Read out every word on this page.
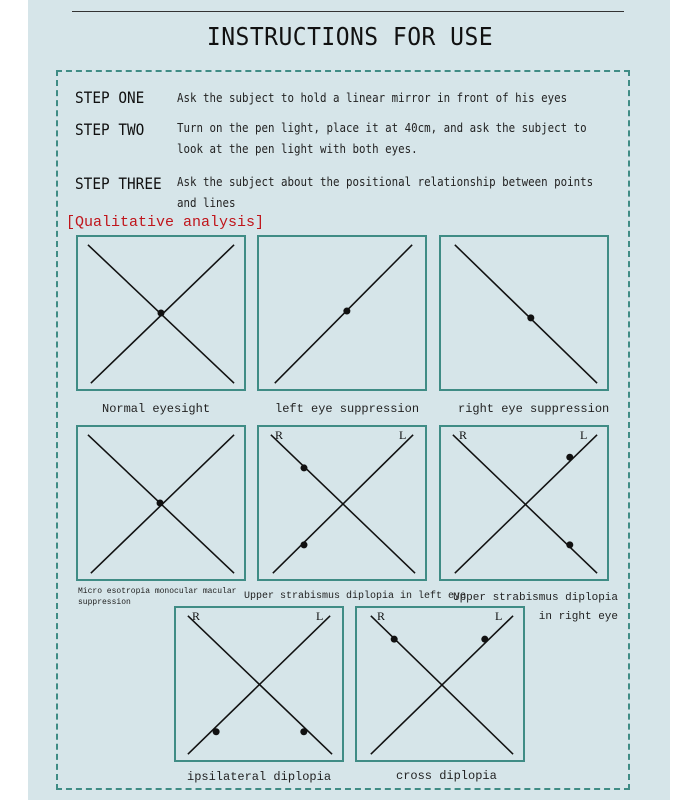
INSTRUCTIONS FOR USE
STEP ONE	Ask the subject to hold a linear mirror in front of his eyes
STEP TWO	Turn on the pen light, place it at 40cm, and ask the subject to look at the pen light with both eyes.
STEP THREE Ask the subject about the positional relationship between points and lines
[Qualitative analysis]
Normal eyesight	left eye suppression	right eye suppression
R	L	R	L
Micro esotropia monocular macular suppression
Upper strabismus diplopia in left eye
Upper strabismus diplopia in right eye
R	L	R	L
ipsilateral diplopia	cross diplopia
